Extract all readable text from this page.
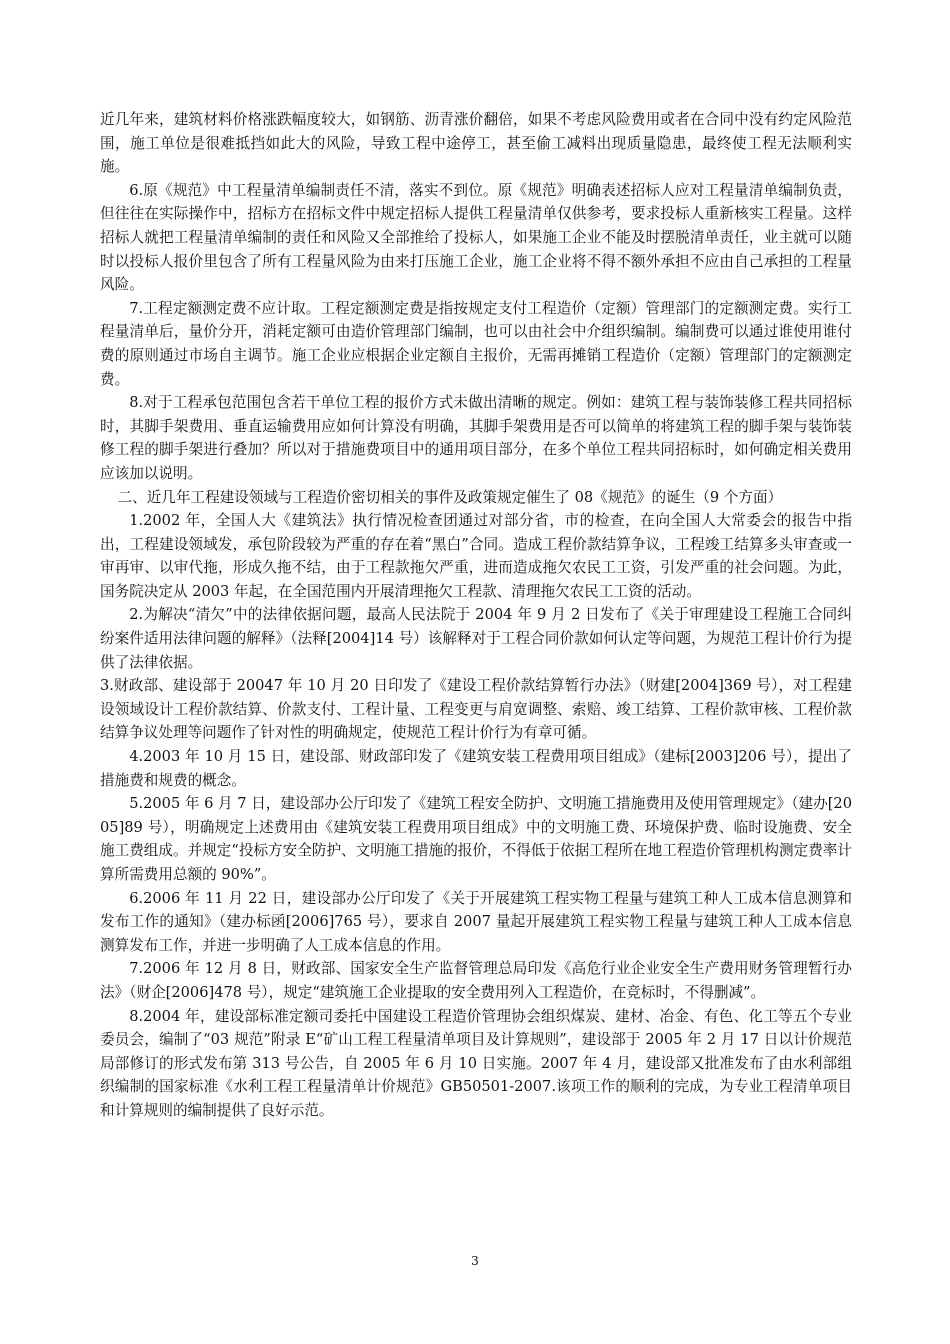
近几年来，建筑材料价格涨跌幅度较大，如钢筋、沥青涨价翻倍，如果不考虑风险费用或者在合同中没有约定风险范围，施工单位是很难抵挡如此大的风险，导致工程中途停工，甚至偷工减料出现质量隐患，最终使工程无法顺利实施。

6.原《规范》中工程量清单编制责任不清，落实不到位。原《规范》明确表述招标人应对工程量清单编制负责，但往往在实际操作中，招标方在招标文件中规定招标人提供工程量清单仅供参考，要求投标人重新核实工程量。这样招标人就把工程量清单编制的责任和风险又全部推给了投标人，如果施工企业不能及时摆脱清单责任，业主就可以随时以投标人报价里包含了所有工程量风险为由来打压施工企业，施工企业将不得不额外承担不应由自己承担的工程量风险。

7.工程定额测定费不应计取。工程定额测定费是指按规定支付工程造价（定额）管理部门的定额测定费。实行工程量清单后，量价分开，消耗定额可由造价管理部门编制，也可以由社会中介组织编制。编制费可以通过谁使用谁付费的原则通过市场自主调节。施工企业应根据企业定额自主报价，无需再摊销工程造价（定额）管理部门的定额测定费。

8.对于工程承包范围包含若干单位工程的报价方式未做出清晰的规定。例如：建筑工程与装饰装修工程共同招标时，其脚手架费用、垂直运输费用应如何计算没有明确，其脚手架费用是否可以简单的将建筑工程的脚手架与装饰装修工程的脚手架进行叠加？所以对于措施费项目中的通用项目部分，在多个单位工程共同招标时，如何确定相关费用应该加以说明。

二、近几年工程建设领域与工程造价密切相关的事件及政策规定催生了 08《规范》的诞生（9 个方面）

1.2002 年，全国人大《建筑法》执行情况检查团通过对部分省，市的检查，在向全国人大常委会的报告中指出，工程建设领域发，承包阶段较为严重的存在着“黑白”合同。造成工程价款结算争议，工程竣工结算多头审查或一审再审、以审代拖，形成久拖不结，由于工程款拖欠严重，进而造成拖欠农民工工资，引发严重的社会问题。为此，国务院决定从 2003 年起，在全国范围内开展清理拖欠工程款、清理拖欠农民工工资的活动。

2.为解决“清欠”中的法律依据问题，最高人民法院于 2004 年 9 月 2 日发布了《关于审理建设工程施工合同纠纷案件适用法律问题的解释》（法释[2004]14 号）该解释对于工程合同价款如何认定等问题，为规范工程计价行为提供了法律依据。

3.财政部、建设部于 20047 年 10 月 20 日印发了《建设工程价款结算暂行办法》（财建[2004]369 号），对工程建设领域设计工程价款结算、价款支付、工程计量、工程变更与肩宽调整、索赔、竣工结算、工程价款审核、工程价款结算争议处理等问题作了针对性的明确规定，使规范工程计价行为有章可循。

4.2003 年 10 月 15 日，建设部、财政部印发了《建筑安装工程费用项目组成》（建标[2003]206 号），提出了措施费和规费的概念。

5.2005 年 6 月 7 日，建设部办公厅印发了《建筑工程安全防护、文明施工措施费用及使用管理规定》（建办[2005]89 号），明确规定上述费用由《建筑安装工程费用项目组成》中的文明施工费、环境保护费、临时设施费、安全施工费组成。并规定“投标方安全防护、文明施工措施的报价，不得低于依据工程所在地工程造价管理机构测定费率计算所需费用总额的 90%”。

6.2006 年 11 月 22 日，建设部办公厅印发了《关于开展建筑工程实物工程量与建筑工种人工成本信息测算和发布工作的通知》（建办标函[2006]765 号），要求自 2007 量起开展建筑工程实物工程量与建筑工种人工成本信息测算发布工作，并进一步明确了人工成本信息的作用。

7.2006 年 12 月 8 日，财政部、国家安全生产监督管理总局印发《高危行业企业安全生产费用财务管理暂行办法》（财企[2006]478 号），规定“建筑施工企业提取的安全费用列入工程造价，在竞标时，不得删减”。

8.2004 年，建设部标准定额司委托中国建设工程造价管理协会组织煤炭、建材、冶金、有色、化工等五个专业委员会，编制了“03 规范”附录 E“矿山工程工程量清单项目及计算规则”，建设部于 2005 年 2 月 17 日以计价规范局部修订的形式发布第 313 号公告，自 2005 年 6 月 10 日实施。2007 年 4 月，建设部又批准发布了由水利部组织编制的国家标准《水利工程工程量清单计价规范》GB50501-2007.该项工作的顺利的完成，为专业工程清单项目和计算规则的编制提供了良好示范。

3
